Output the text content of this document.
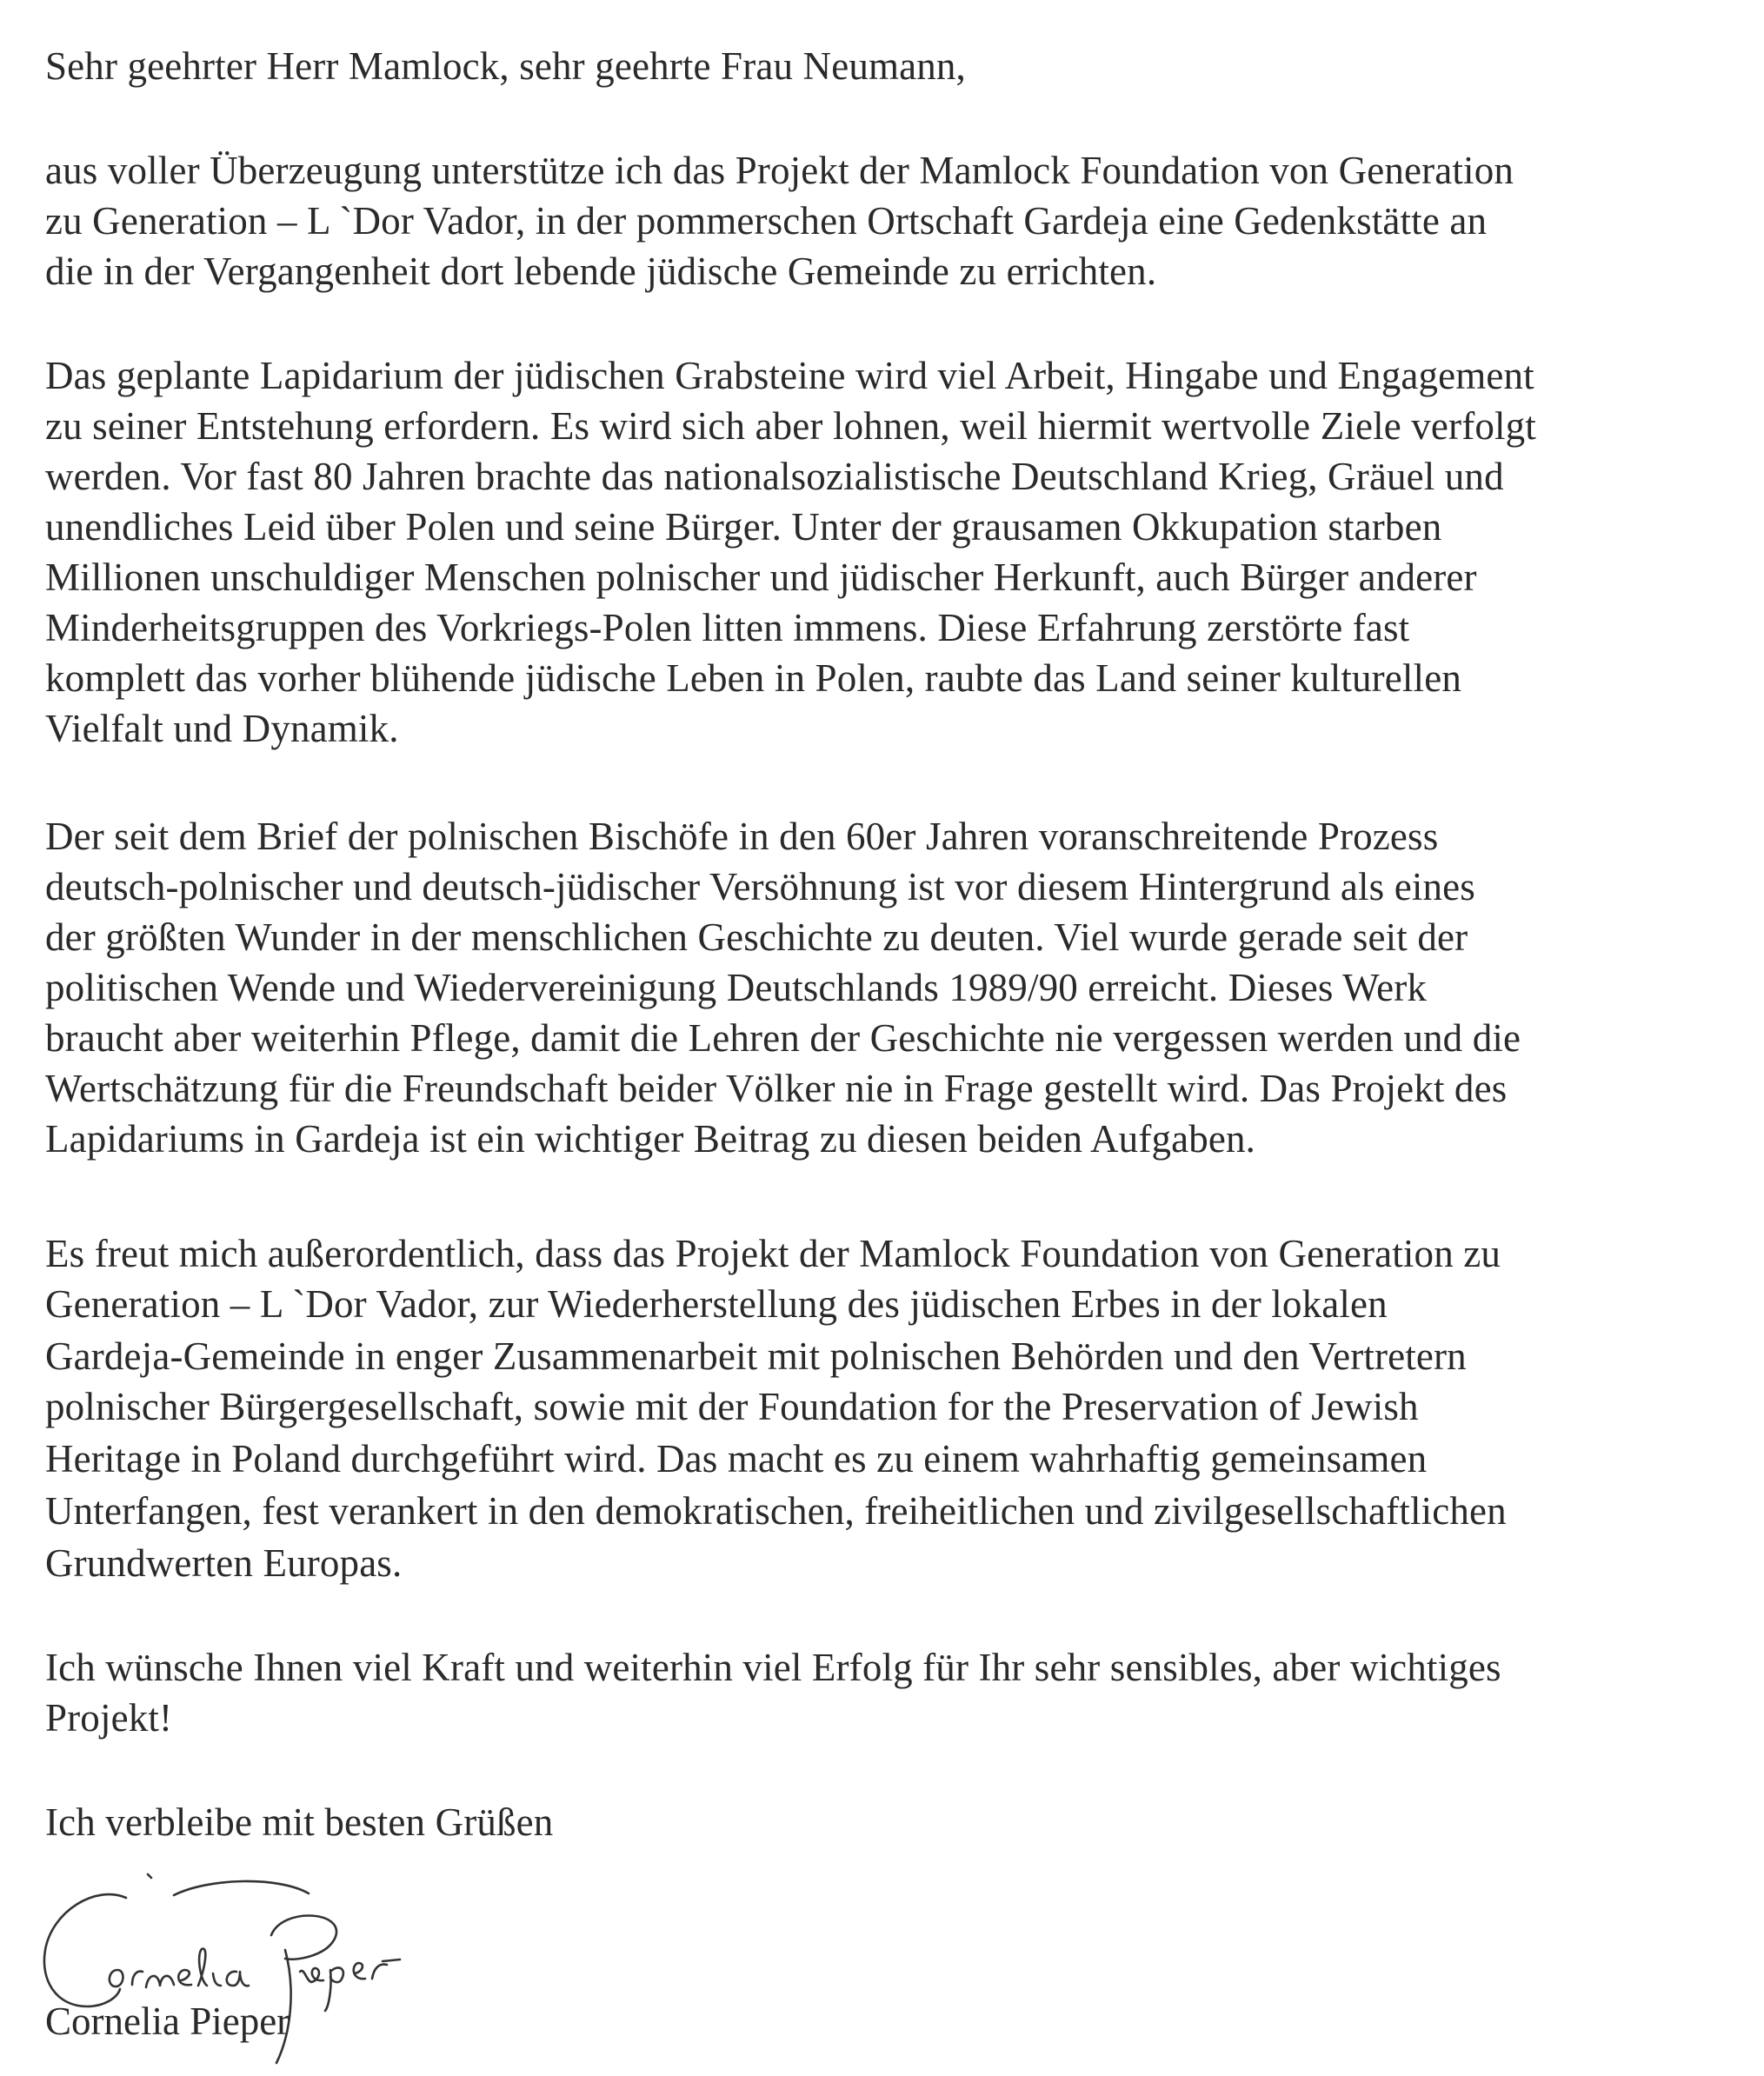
Sehr geehrter Herr Mamlock, sehr geehrte Frau Neumann,

aus voller Überzeugung unterstütze ich das Projekt der Mamlock Foundation von Generation

zu Generation – L `Dor Vador, in der pommerschen Ortschaft Gardeja eine Gedenkstätte an

die in der Vergangenheit dort lebende jüdische Gemeinde zu errichten.

Das geplante Lapidarium der jüdischen Grabsteine wird viel Arbeit, Hingabe und Engagement

zu seiner Entstehung erfordern. Es wird sich aber lohnen, weil hiermit wertvolle Ziele verfolgt

werden. Vor fast 80 Jahren brachte das nationalsozialistische Deutschland Krieg, Gräuel und

unendliches Leid über Polen und seine Bürger. Unter der grausamen Okkupation starben

Millionen unschuldiger Menschen polnischer und jüdischer Herkunft, auch Bürger anderer

Minderheitsgruppen des Vorkriegs-Polen litten immens. Diese Erfahrung zerstörte fast

komplett das vorher blühende jüdische Leben in Polen, raubte das Land seiner kulturellen

Vielfalt und Dynamik.

Der seit dem Brief der polnischen Bischöfe in den 60er Jahren voranschreitende Prozess

deutsch-polnischer und deutsch-jüdischer Versöhnung ist vor diesem Hintergrund als eines

der größten Wunder in der menschlichen Geschichte zu deuten. Viel wurde gerade seit der

politischen Wende und Wiedervereinigung Deutschlands 1989/90 erreicht. Dieses Werk

braucht aber weiterhin Pflege, damit die Lehren der Geschichte nie vergessen werden und die

Wertschätzung für die Freundschaft beider Völker nie in Frage gestellt wird. Das Projekt des

Lapidariums in Gardeja ist ein wichtiger Beitrag zu diesen beiden Aufgaben.

Es freut mich außerordentlich, dass das Projekt der Mamlock Foundation von Generation zu

Generation – L `Dor Vador, zur Wiederherstellung des jüdischen Erbes in der lokalen

Gardeja-Gemeinde in enger Zusammenarbeit mit polnischen Behörden und den Vertretern

polnischer Bürgergesellschaft, sowie mit der Foundation for the Preservation of Jewish

Heritage in Poland durchgeführt wird. Das macht es zu einem wahrhaftig gemeinsamen

Unterfangen, fest verankert in den demokratischen, freiheitlichen und zivilgesellschaftlichen

Grundwerten Europas.

Ich wünsche Ihnen viel Kraft und weiterhin viel Erfolg für Ihr sehr sensibles, aber wichtiges

Projekt!

Ich verbleibe mit besten Grüßen

Cornelia Pieper
